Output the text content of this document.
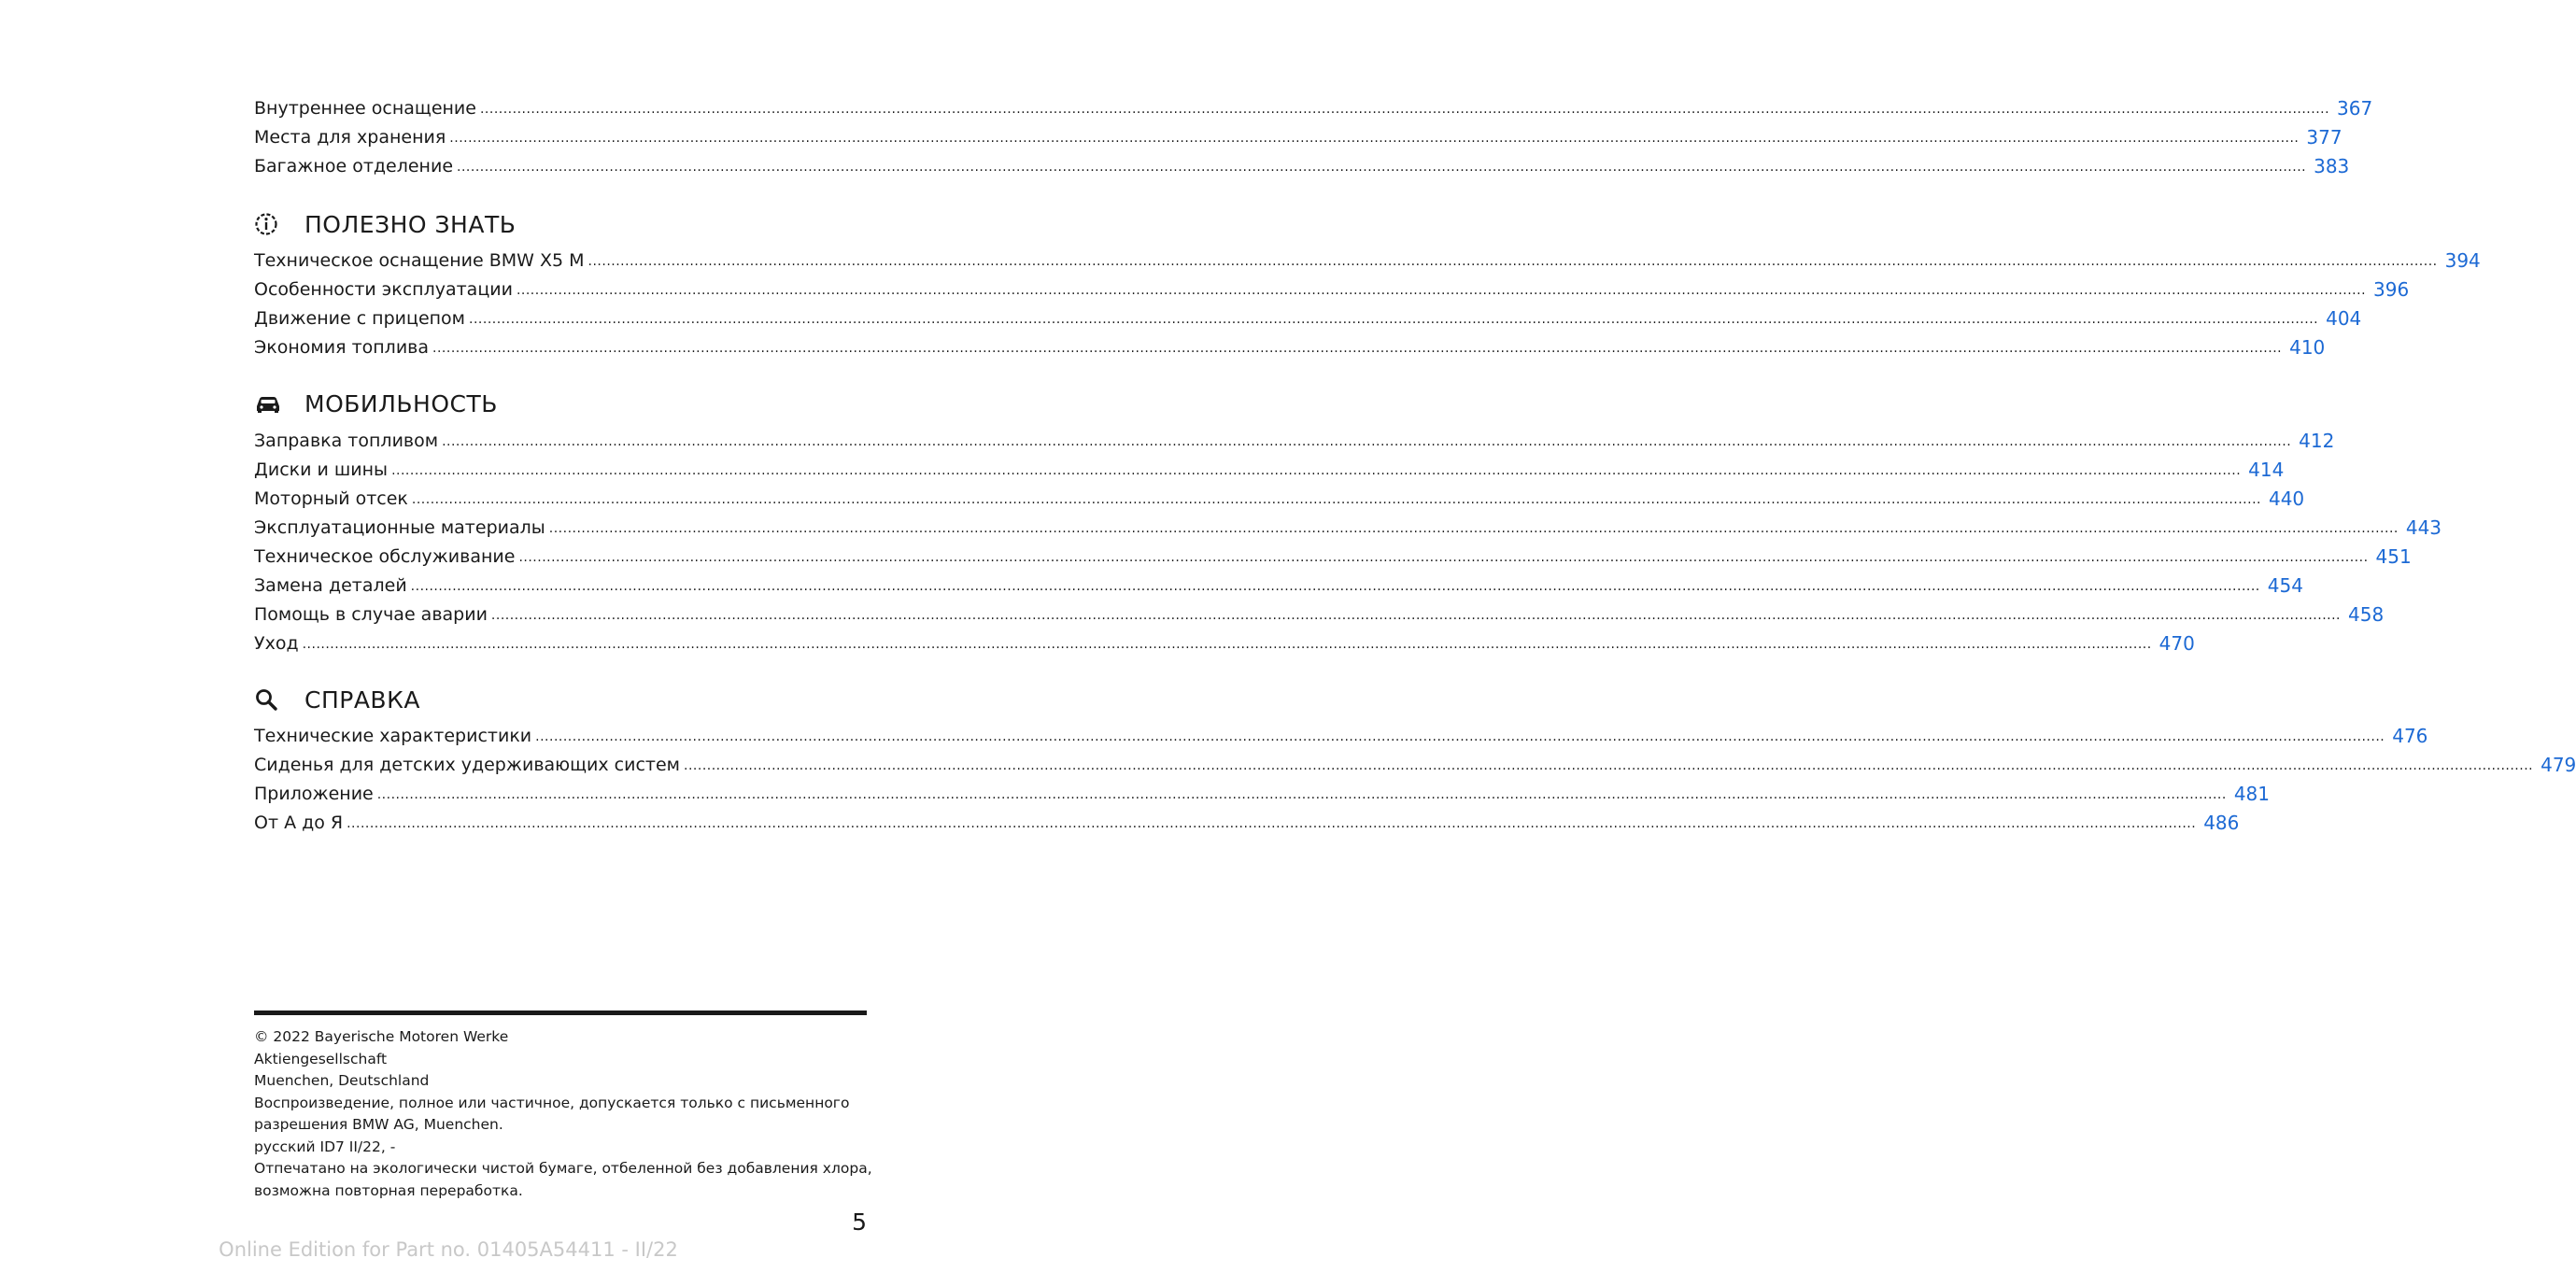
Внутреннее оснащение ................................................................................................................................................................................................................................................................................................................................................................................................................ 367
Места для хранения ................................................................................................................................................................................................................................................................................................................................................................................................................ 377
Багажное отделение ................................................................................................................................................................................................................................................................................................................................................................................................................ 383
ПОЛЕЗНО ЗНАТЬ
Техническое оснащение BMW X5 M ................................................................................................................................................................................................................................................................................................................................................................................................................ 394
Особенности эксплуатации ................................................................................................................................................................................................................................................................................................................................................................................................................ 396
Движение с прицепом ................................................................................................................................................................................................................................................................................................................................................................................................................ 404
Экономия топлива ................................................................................................................................................................................................................................................................................................................................................................................................................ 410
МОБИЛЬНОСТЬ
Заправка топливом ................................................................................................................................................................................................................................................................................................................................................................................................................ 412
Диски и шины ................................................................................................................................................................................................................................................................................................................................................................................................................ 414
Моторный отсек ................................................................................................................................................................................................................................................................................................................................................................................................................ 440
Эксплуатационные материалы ................................................................................................................................................................................................................................................................................................................................................................................................................ 443
Техническое обслуживание ................................................................................................................................................................................................................................................................................................................................................................................................................ 451
Замена деталей ................................................................................................................................................................................................................................................................................................................................................................................................................ 454
Помощь в случае аварии ................................................................................................................................................................................................................................................................................................................................................................................................................ 458
Уход ................................................................................................................................................................................................................................................................................................................................................................................................................ 470
СПРАВКА
Технические характеристики ................................................................................................................................................................................................................................................................................................................................................................................................................ 476
Сиденья для детских удерживающих систем ................................................................................................................................................................................................................................................................................................................................................................................................................ 479
Приложение ................................................................................................................................................................................................................................................................................................................................................................................................................ 481
От А до Я ................................................................................................................................................................................................................................................................................................................................................................................................................ 486
© 2022 Bayerische Motoren Werke
Aktiengesellschaft
Muenchen, Deutschland
Воспроизведение, полное или частичное, допускается только с письменного
разрешения BMW AG, Muenchen.
русский ID7 II/22, -
Отпечатано на экологически чистой бумаге, отбеленной без добавления хлора,
возможна повторная переработка.
5
Online Edition for Part no. 01405A54411 - II/22
